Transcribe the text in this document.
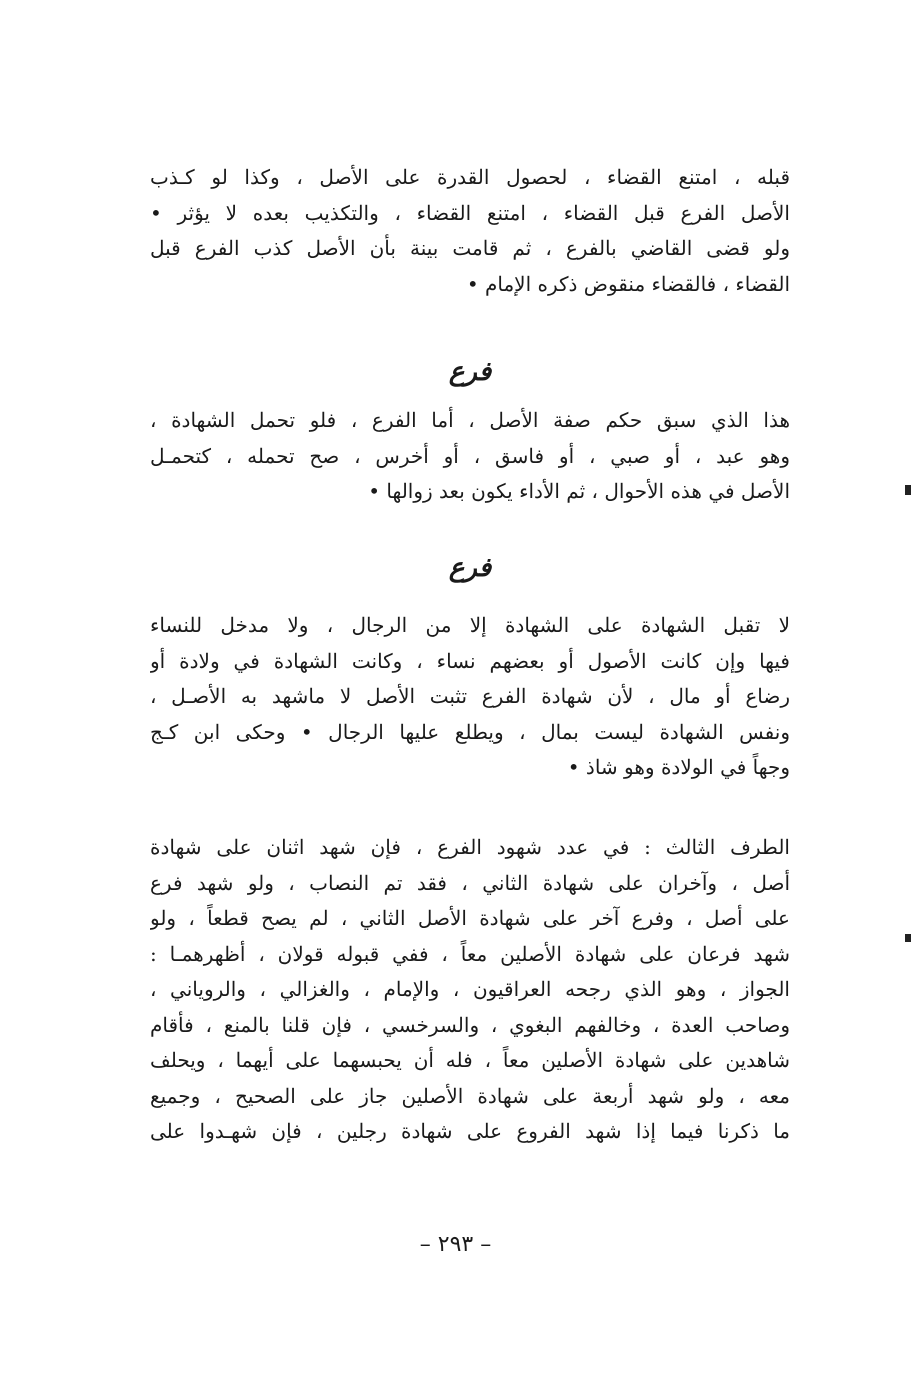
قبله ، امتنع القضاء ، لحصول القدرة على الأصل ، وكذا لو كـذب
الأصل الفرع قبل القضاء ، امتنع القضاء ، والتكذيب بعده لا يؤثر •
ولو قضى القاضي بالفرع ، ثم قامت بينة بأن الأصل كذب الفرع قبل
القضاء ، فالقضاء منقوض ذكره الإمام •
فرع
هذا الذي سبق حكم صفة الأصل ، أما الفرع ، فلو تحمل الشهادة ،
وهو عبد ، أو صبي ، أو فاسق ، أو أخرس ، صح تحمله ، كتحمـل
الأصل في هذه الأحوال ، ثم الأداء يكون بعد زوالها •
فرع
لا تقبل الشهادة على الشهادة إلا من الرجال ، ولا مدخل للنساء
فيها وإن كانت الأصول أو بعضهم نساء ، وكانت الشهادة في ولادة أو
رضاع أو مال ، لأن شهادة الفرع تثبت الأصل لا ماشهد به الأصـل ،
ونفس الشهادة ليست بمال ، ويطلع عليها الرجال • وحكى ابن كـج
وجهاً في الولادة وهو شاذ •
الطرف الثالث : في عدد شهود الفرع ، فإن شهد اثنان على شهادة
أصل ، وآخران على شهادة الثاني ، فقد تم النصاب ، ولو شهد فرع
على أصل ، وفرع آخر على شهادة الأصل الثاني ، لم يصح قطعاً ، ولو
شهد فرعان على شهادة الأصلين معاً ، ففي قبوله قولان ، أظهرهمـا :
الجواز ، وهو الذي رجحه العراقيون ، والإمام ، والغزالي ، والروياني ،
وصاحب العدة ، وخالفهم البغوي ، والسرخسي ، فإن قلنا بالمنع ، فأقام
شاهدين على شهادة الأصلين معاً ، فله أن يحبسهما على أيهما ، ويحلف
معه ، ولو شهد أربعة على شهادة الأصلين جاز على الصحيح ، وجميع
ما ذكرنا فيما إذا شهد الفروع على شهادة رجلين ، فإن شهـدوا على
– ٢٩٣ –
